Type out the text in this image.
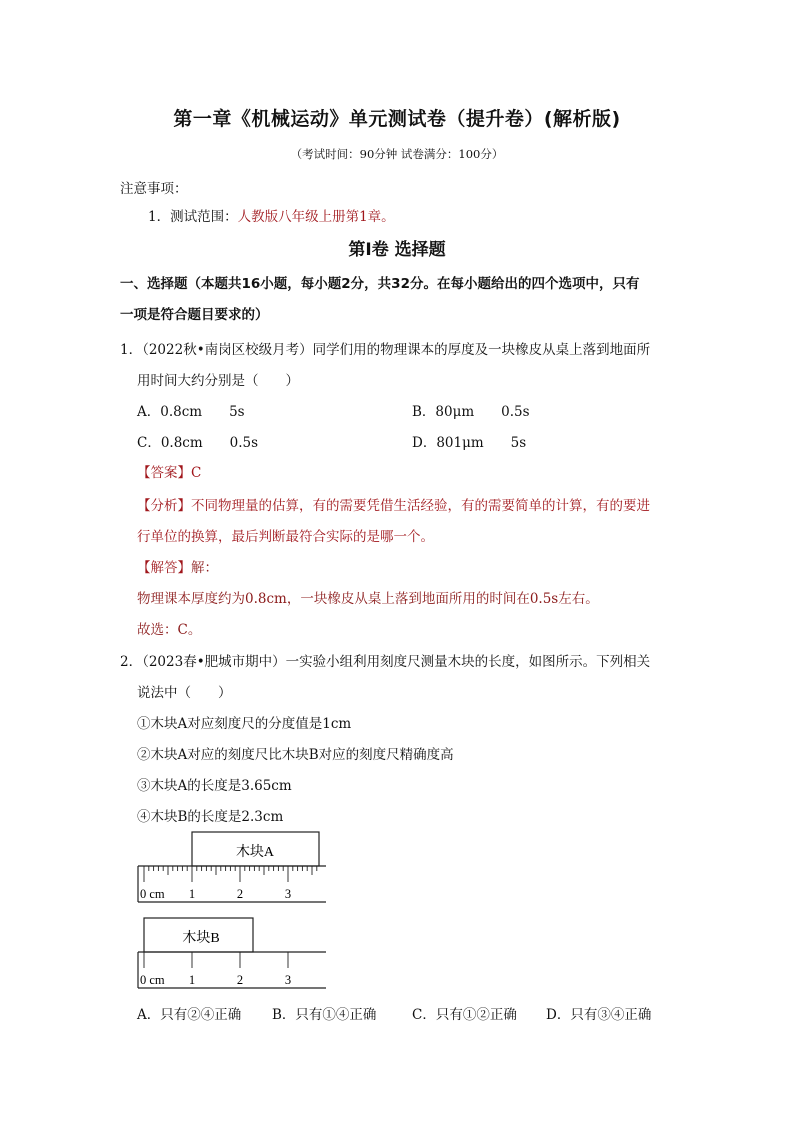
第一章《机械运动》单元测试卷（提升卷）(解析版)
（考试时间：90分钟 试卷满分：100分）
注意事项：
1．测试范围：人教版八年级上册第1章。
第Ⅰ卷 选择题
一、选择题（本题共16小题，每小题2分，共32分。在每小题给出的四个选项中，只有
一项是符合题目要求的）
1．（2022秋•南岗区校级月考）同学们用的物理课本的厚度及一块橡皮从桌上落到地面所
用时间大约分别是（　　）
A．0.8cm　　5s	B．80μm　　0.5s
C．0.8cm　　0.5s	D．801μm　　5s
【答案】C
【分析】不同物理量的估算，有的需要凭借生活经验，有的需要简单的计算，有的要进
行单位的换算，最后判断最符合实际的是哪一个。
【解答】解：
物理课本厚度约为0.8cm，一块橡皮从桌上落到地面所用的时间在0.5s左右。
故选：C。
2．（2023春•肥城市期中）一实验小组利用刻度尺测量木块的长度，如图所示。下列相关
说法中（　　）
①木块A对应刻度尺的分度值是1cm
②木块A对应的刻度尺比木块B对应的刻度尺精确度高
③木块A的长度是3.65cm
④木块B的长度是2.3cm
木块A
0 cm 1	2	3
木块B
0 cm 1	2	3
A．只有②④正确 B．只有①④正确	C．只有①②正确 D．只有③④正确
